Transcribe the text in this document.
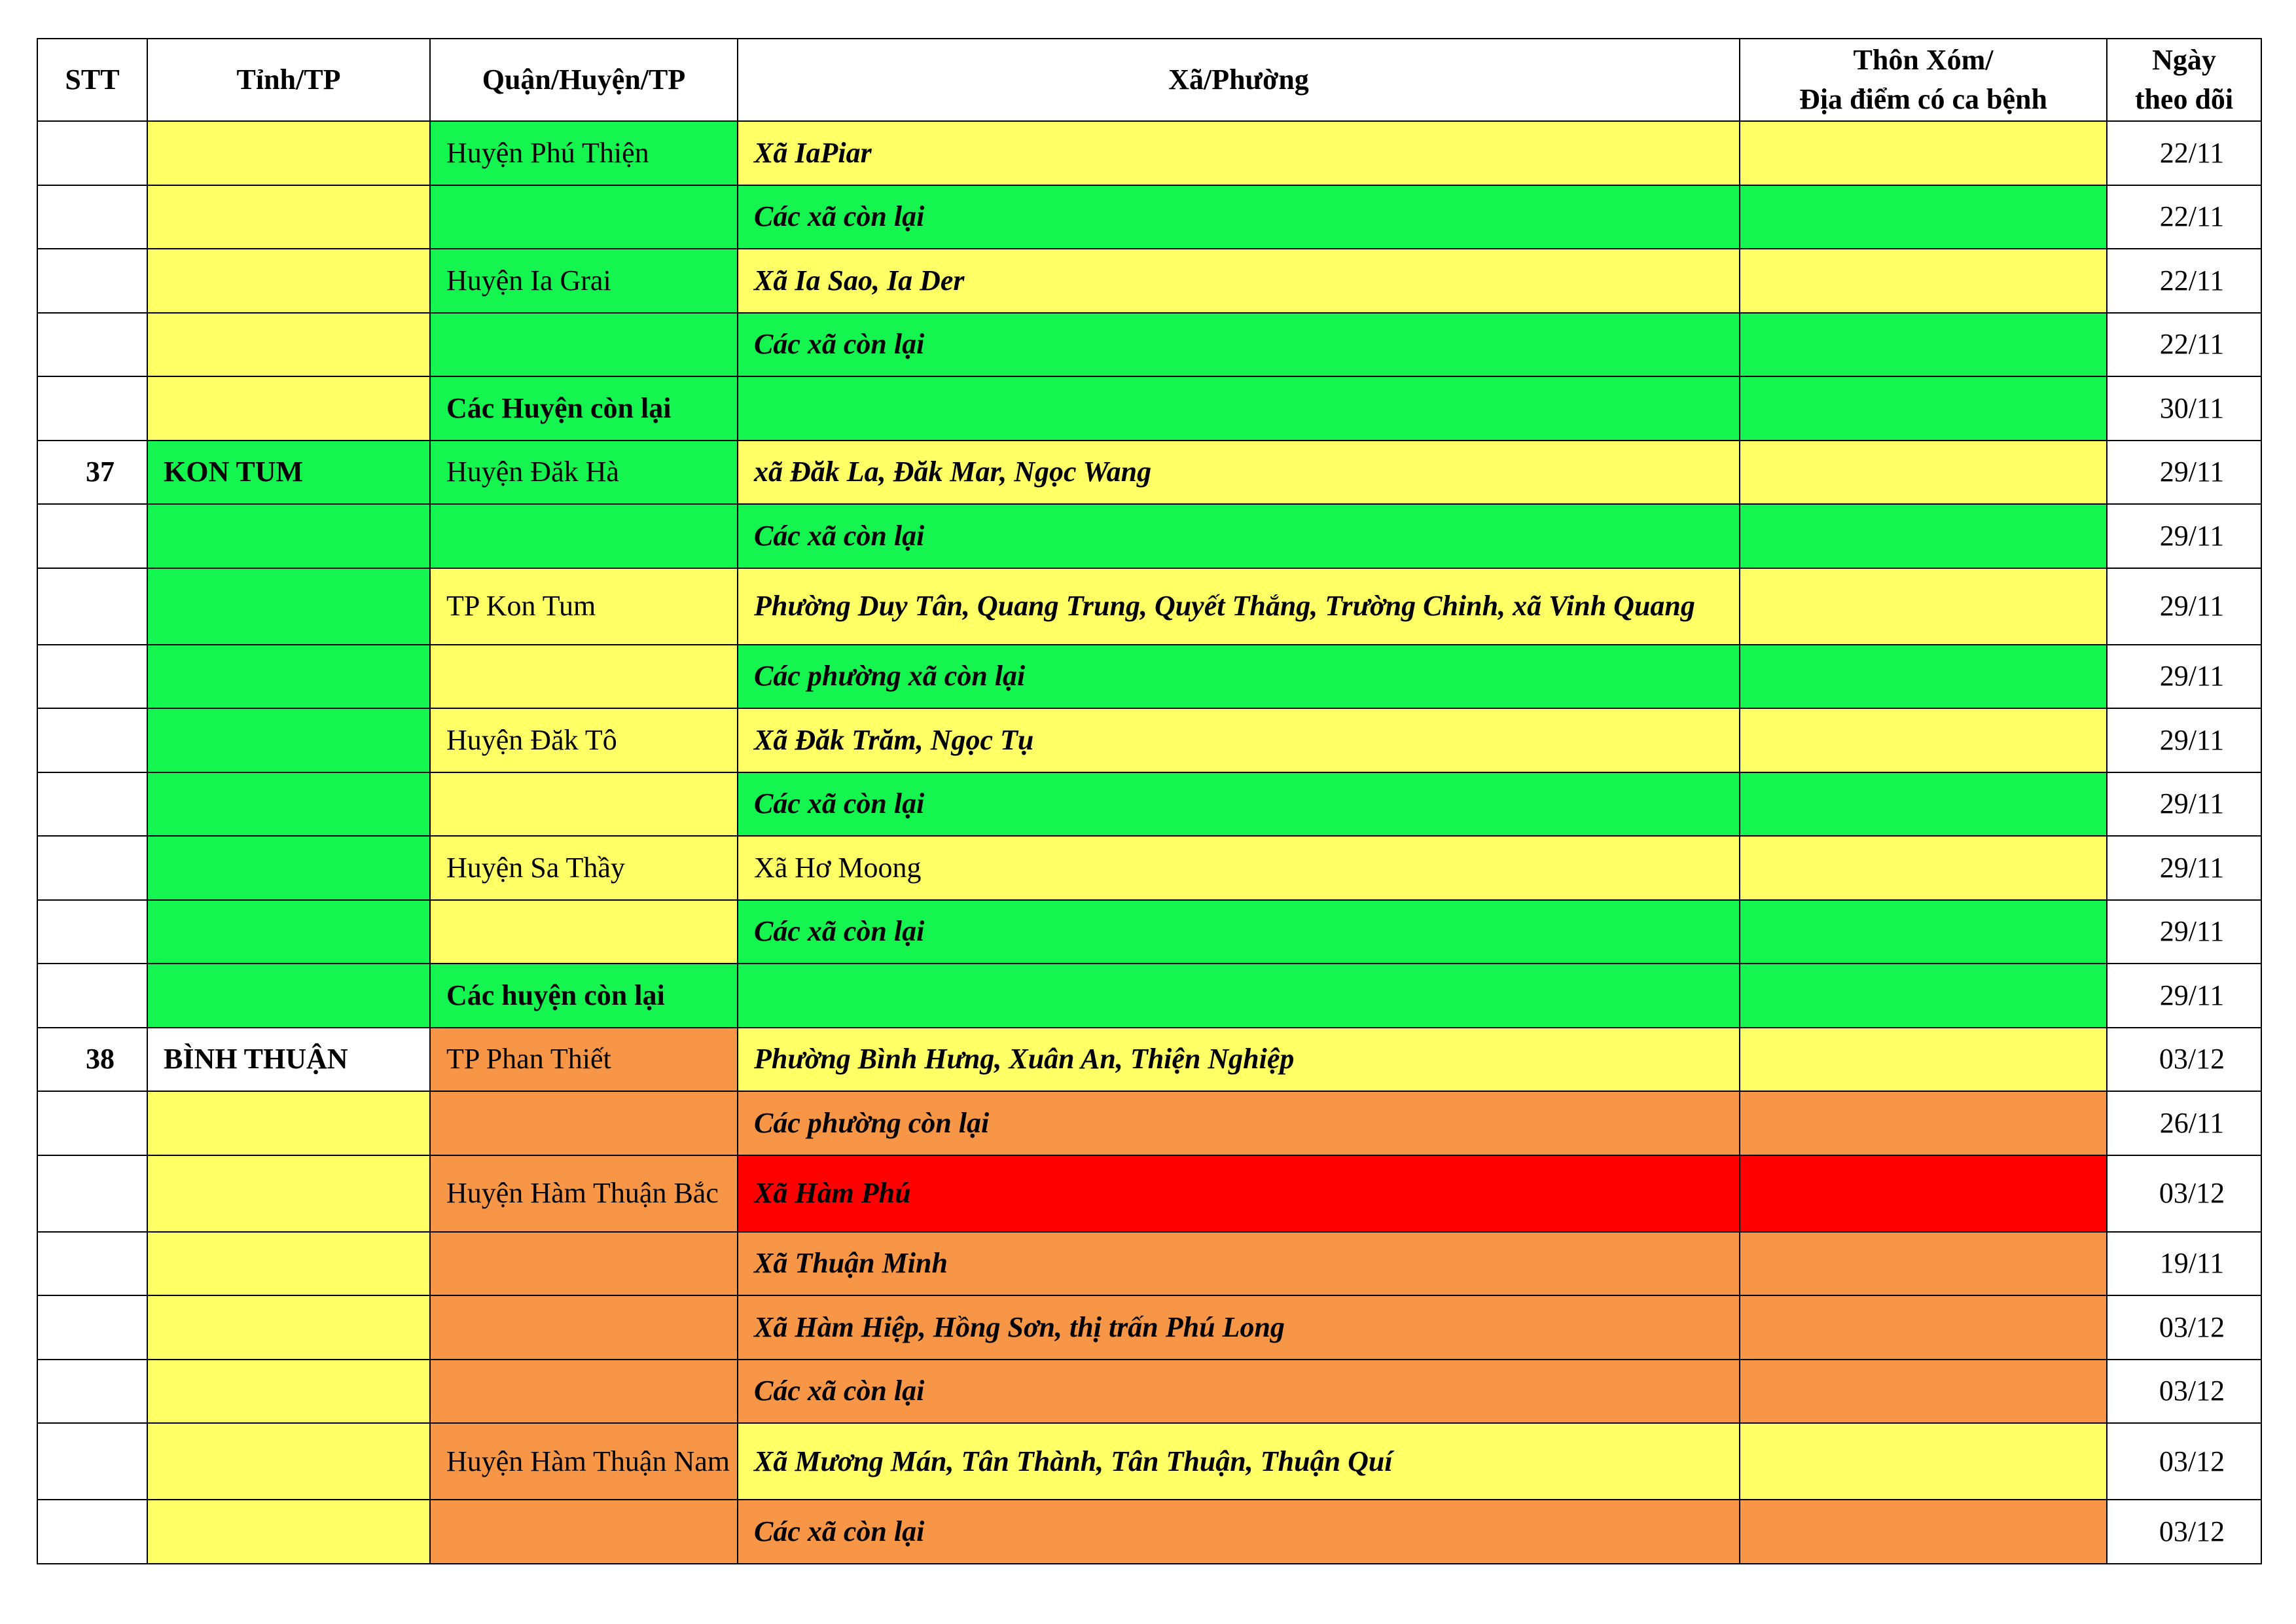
STT	Tỉnh/TP	Quận/Huyện/TP	Xã/Phường	Thôn Xóm/
Địa điểm có ca bệnh	Ngày
theo dõi
		Huyện Phú Thiện	Xã IaPiar		22/11
			Các xã còn lại		22/11
		Huyện Ia Grai	Xã Ia Sao, Ia Der		22/11
			Các xã còn lại		22/11
		Các Huyện còn lại			30/11
37	KON TUM	Huyện Đăk Hà	xã Đăk La, Đăk Mar, Ngọc Wang		29/11
			Các xã còn lại		29/11
		TP Kon Tum	Phường Duy Tân, Quang Trung, Quyết Thắng, Trường Chinh, xã Vinh Quang		29/11
			Các phường xã còn lại		29/11
		Huyện Đăk Tô	Xã Đăk Trăm, Ngọc Tụ		29/11
			Các xã còn lại		29/11
		Huyện Sa Thầy	Xã Hơ Moong		29/11
			Các xã còn lại		29/11
		Các huyện còn lại			29/11
38	BÌNH THUẬN	TP Phan Thiết	Phường Bình Hưng, Xuân An, Thiện Nghiệp		03/12
			Các phường còn lại		26/11
		Huyện Hàm Thuận Bắc	Xã Hàm Phú		03/12
			Xã Thuận Minh		19/11
			Xã Hàm Hiệp, Hồng Sơn, thị trấn Phú Long		03/12
			Các xã còn lại		03/12
		Huyện Hàm Thuận Nam	Xã Mương Mán, Tân Thành, Tân Thuận, Thuận Quí		03/12
			Các xã còn lại		03/12
